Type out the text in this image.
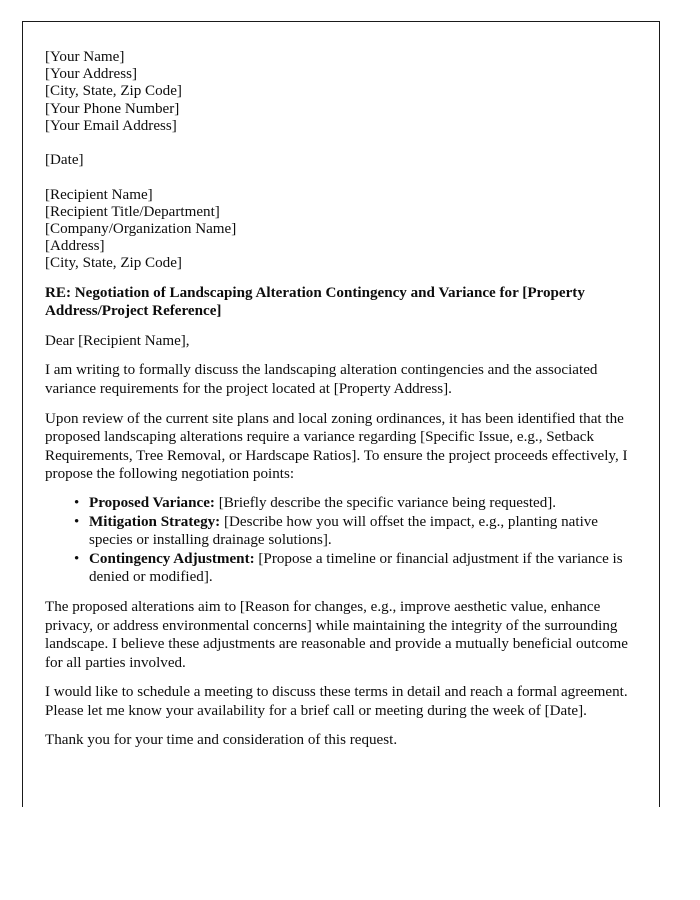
[Your Name]
[Your Address]
[City, State, Zip Code]
[Your Phone Number]
[Your Email Address]
[Date]
[Recipient Name]
[Recipient Title/Department]
[Company/Organization Name]
[Address]
[City, State, Zip Code]

RE: Negotiation of Landscaping Alteration Contingency and Variance for [Property Address/Project Reference]

Dear [Recipient Name],

I am writing to formally discuss the landscaping alteration contingencies and the associated variance requirements for the project located at [Property Address].

Upon review of the current site plans and local zoning ordinances, it has been identified that the proposed landscaping alterations require a variance regarding [Specific Issue, e.g., Setback Requirements, Tree Removal, or Hardscape Ratios]. To ensure the project proceeds effectively, I propose the following negotiation points:

• Proposed Variance: [Briefly describe the specific variance being requested].
• Mitigation Strategy: [Describe how you will offset the impact, e.g., planting native species or installing drainage solutions].
• Contingency Adjustment: [Propose a timeline or financial adjustment if the variance is denied or modified].

The proposed alterations aim to [Reason for changes, e.g., improve aesthetic value, enhance privacy, or address environmental concerns] while maintaining the integrity of the surrounding landscape. I believe these adjustments are reasonable and provide a mutually beneficial outcome for all parties involved.

I would like to schedule a meeting to discuss these terms in detail and reach a formal agreement. Please let me know your availability for a brief call or meeting during the week of [Date].

Thank you for your time and consideration of this request.
